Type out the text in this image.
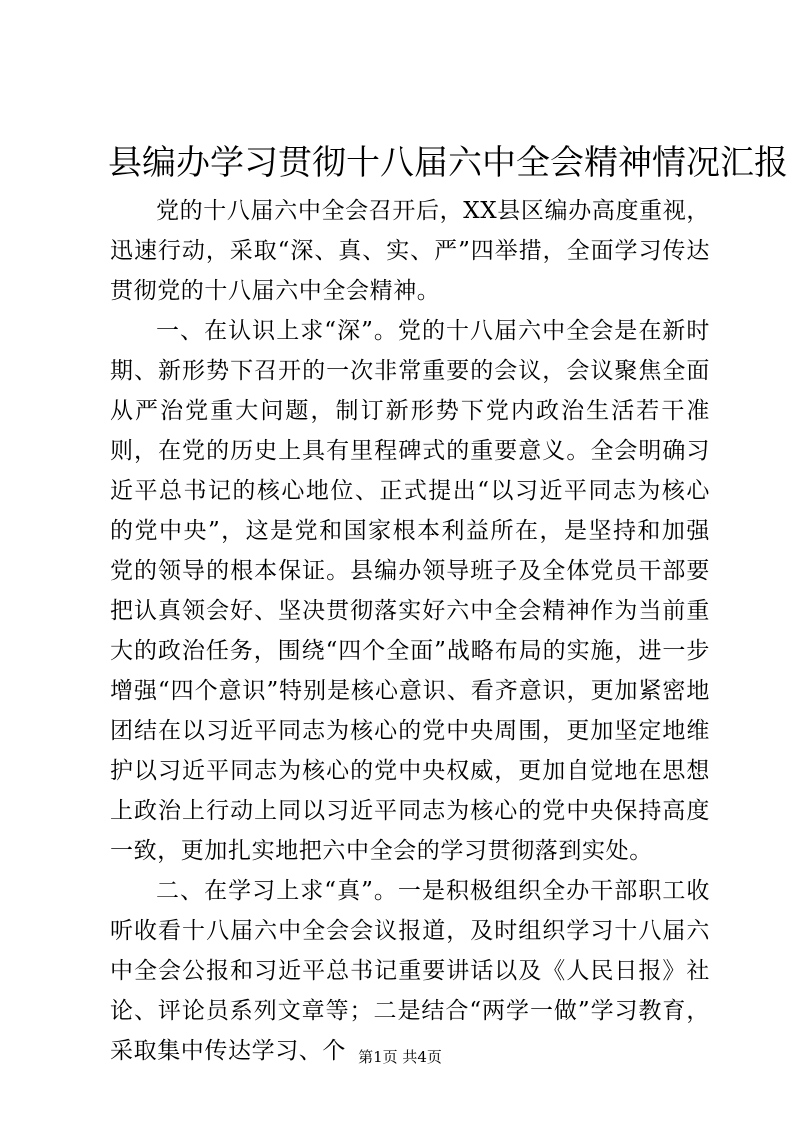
县编办学习贯彻十八届六中全会精神情况汇报

党的十八届六中全会召开后，XX县区编办高度重视，迅速行动，采取“深、真、实、严”四举措，全面学习传达贯彻党的十八届六中全会精神。

一、在认识上求“深”。党的十八届六中全会是在新时期、新形势下召开的一次非常重要的会议，会议聚焦全面从严治党重大问题，制订新形势下党内政治生活若干准则，在党的历史上具有里程碑式的重要意义。全会明确习近平总书记的核心地位、正式提出“以习近平同志为核心的党中央”，这是党和国家根本利益所在，是坚持和加强党的领导的根本保证。县编办领导班子及全体党员干部要把认真领会好、坚决贯彻落实好六中全会精神作为当前重大的政治任务，围绕“四个全面”战略布局的实施，进一步增强“四个意识”特别是核心意识、看齐意识，更加紧密地团结在以习近平同志为核心的党中央周围，更加坚定地维护以习近平同志为核心的党中央权威，更加自觉地在思想上政治上行动上同以习近平同志为核心的党中央保持高度一致，更加扎实地把六中全会的学习贯彻落到实处。

二、在学习上求“真”。一是积极组织全办干部职工收听收看十八届六中全会会议报道，及时组织学习十八届六中全会公报和习近平总书记重要讲话以及《人民日报》社论、评论员系列文章等；二是结合“两学一做”学习教育，采取集中传达学习、个 第1页 共4页
